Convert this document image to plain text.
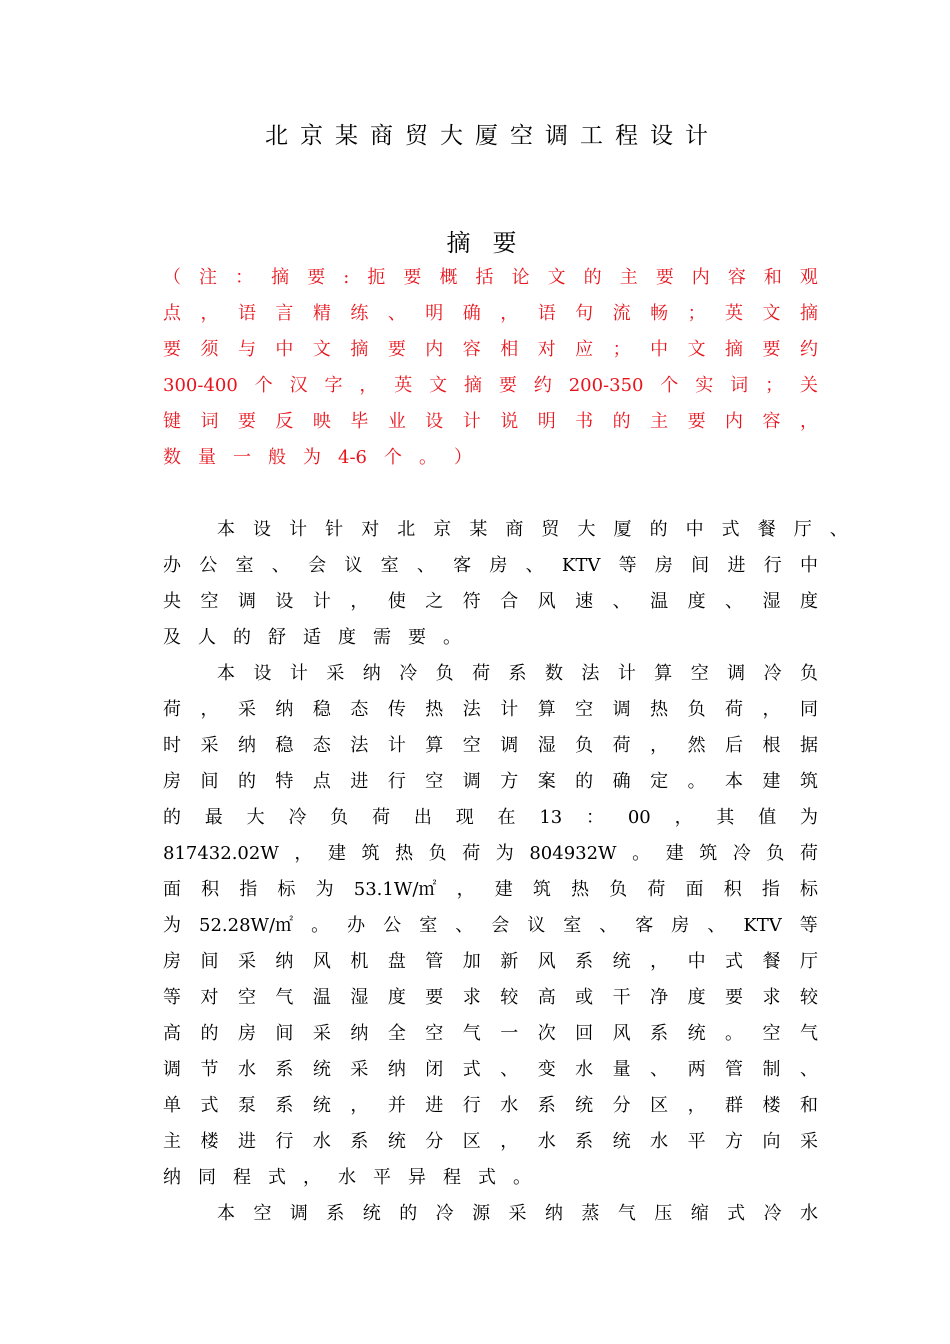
北京某商贸大厦空调工程设计
摘要
（ 注 ： 摘 要 : 扼 要 概 括 论 文 的 主 要 内 容 和 观
点 ， 语 言 精 练 、 明 确 ， 语 句 流 畅 ； 英 文 摘
要 须 与 中 文 摘 要 内 容 相 对 应 ； 中 文 摘 要 约
300-400 个 汉 字 ， 英 文 摘 要 约 200-350 个 实 词 ； 关
键 词 要 反 映 毕 业 设 计 说 明 书 的 主 要 内 容 ，
数 量 一 般 为 4-6 个 。 ）
本 设 计 针 对 北 京 某 商 贸 大 厦 的 中 式 餐 厅 、
办 公 室 、 会 议 室 、 客 房 、 KTV 等 房 间 进 行 中
央 空 调 设 计 ， 使 之 符 合 风 速 、 温 度 、 湿 度
及 人 的 舒 适 度 需 要 。
本 设 计 采 纳 冷 负 荷 系 数 法 计 算 空 调 冷 负
荷 ， 采 纳 稳 态 传 热 法 计 算 空 调 热 负 荷 ， 同
时 采 纳 稳 态 法 计 算 空 调 湿 负 荷 ， 然 后 根 据
房 间 的 特 点 进 行 空 调 方 案 的 确 定 。 本 建 筑
的 最 大 冷 负 荷 出 现 在 13 ： 00 ， 其 值 为
817432.02W ， 建 筑 热 负 荷 为 804932W 。 建 筑 冷 负 荷
面 积 指 标 为 53.1W/㎡ ， 建 筑 热 负 荷 面 积 指 标
为 52.28W/㎡ 。 办 公 室 、 会 议 室 、 客 房 、 KTV 等
房 间 采 纳 风 机 盘 管 加 新 风 系 统 ， 中 式 餐 厅
等 对 空 气 温 湿 度 要 求 较 高 或 干 净 度 要 求 较
高 的 房 间 采 纳 全 空 气 一 次 回 风 系 统 。 空 气
调 节 水 系 统 采 纳 闭 式 、 变 水 量 、 两 管 制 、
单 式 泵 系 统 ， 并 进 行 水 系 统 分 区 ， 群 楼 和
主 楼 进 行 水 系 统 分 区 ， 水 系 统 水 平 方 向 采
纳 同 程 式 ， 水 平 异 程 式 。
本 空 调 系 统 的 冷 源 采 纳 蒸 气 压 缩 式 冷 水
